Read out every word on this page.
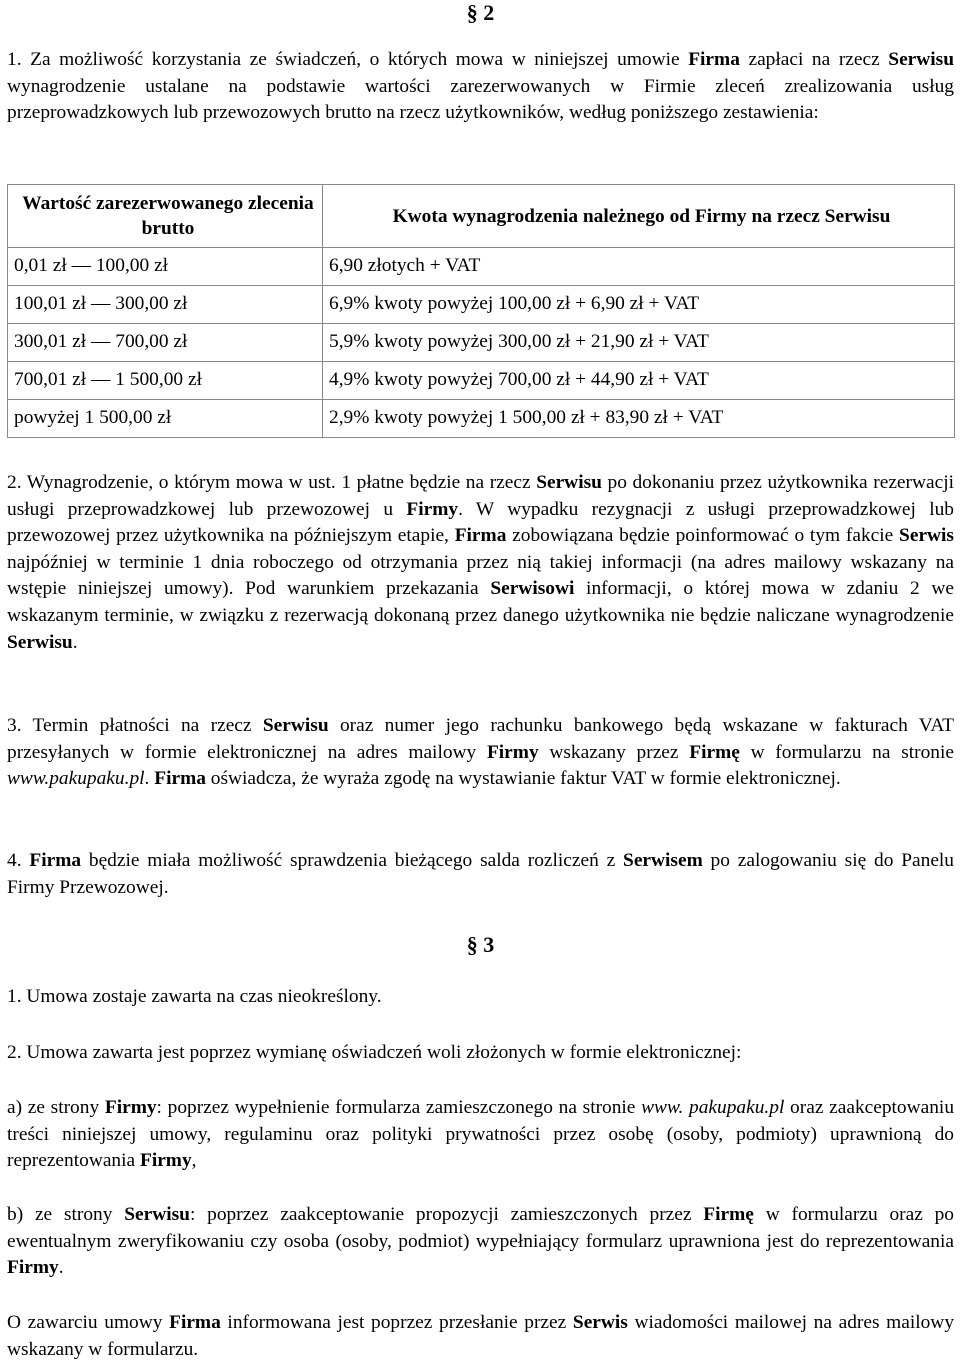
§ 2

1. Za możliwość korzystania ze świadczeń, o których mowa w niniejszej umowie Firma zapłaci na rzecz Serwisu wynagrodzenie ustalane na podstawie wartości zarezerwowanych w Firmie zleceń zrealizowania usług przeprowadzkowych lub przewozowych brutto na rzecz użytkowników, według poniższego zestawienia:

Wartość zarezerwowanego zlecenia brutto	Kwota wynagrodzenia należnego od Firmy na rzecz Serwisu
0,01 zł — 100,00 zł	6,90 złotych + VAT
100,01 zł — 300,00 zł	6,9% kwoty powyżej 100,00 zł + 6,90 zł + VAT
300,01 zł — 700,00 zł	5,9% kwoty powyżej 300,00 zł + 21,90 zł + VAT
700,01 zł — 1 500,00 zł	4,9% kwoty powyżej 700,00 zł + 44,90 zł + VAT
powyżej 1 500,00 zł	2,9% kwoty powyżej 1 500,00 zł + 83,90 zł + VAT

2. Wynagrodzenie, o którym mowa w ust. 1 płatne będzie na rzecz Serwisu po dokonaniu przez użytkownika rezerwacji usługi przeprowadzkowej lub przewozowej u Firmy. W wypadku rezygnacji z usługi przeprowadzkowej lub przewozowej przez użytkownika na późniejszym etapie, Firma zobowiązana będzie poinformować o tym fakcie Serwis najpóźniej w terminie 1 dnia roboczego od otrzymania przez nią takiej informacji (na adres mailowy wskazany na wstępie niniejszej umowy). Pod warunkiem przekazania Serwisowi informacji, o której mowa w zdaniu 2 we wskazanym terminie, w związku z rezerwacją dokonaną przez danego użytkownika nie będzie naliczane wynagrodzenie Serwisu.

3. Termin płatności na rzecz Serwisu oraz numer jego rachunku bankowego będą wskazane w fakturach VAT przesyłanych w formie elektronicznej na adres mailowy Firmy wskazany przez Firmę w formularzu na stronie www.pakupaku.pl. Firma oświadcza, że wyraża zgodę na wystawianie faktur VAT w formie elektronicznej.

4. Firma będzie miała możliwość sprawdzenia bieżącego salda rozliczeń z Serwisem po zalogowaniu się do Panelu Firmy Przewozowej.

§ 3

1. Umowa zostaje zawarta na czas nieokreślony.

2. Umowa zawarta jest poprzez wymianę oświadczeń woli złożonych w formie elektronicznej:

a) ze strony Firmy: poprzez wypełnienie formularza zamieszczonego na stronie www. pakupaku.pl oraz zaakceptowaniu treści niniejszej umowy, regulaminu oraz polityki prywatności przez osobę (osoby, podmioty) uprawnioną do reprezentowania Firmy,

b) ze strony Serwisu: poprzez zaakceptowanie propozycji zamieszczonych przez Firmę w formularzu oraz po ewentualnym zweryfikowaniu czy osoba (osoby, podmiot) wypełniający formularz uprawniona jest do reprezentowania Firmy.

O zawarciu umowy Firma informowana jest poprzez przesłanie przez Serwis wiadomości mailowej na adres mailowy wskazany w formularzu.
